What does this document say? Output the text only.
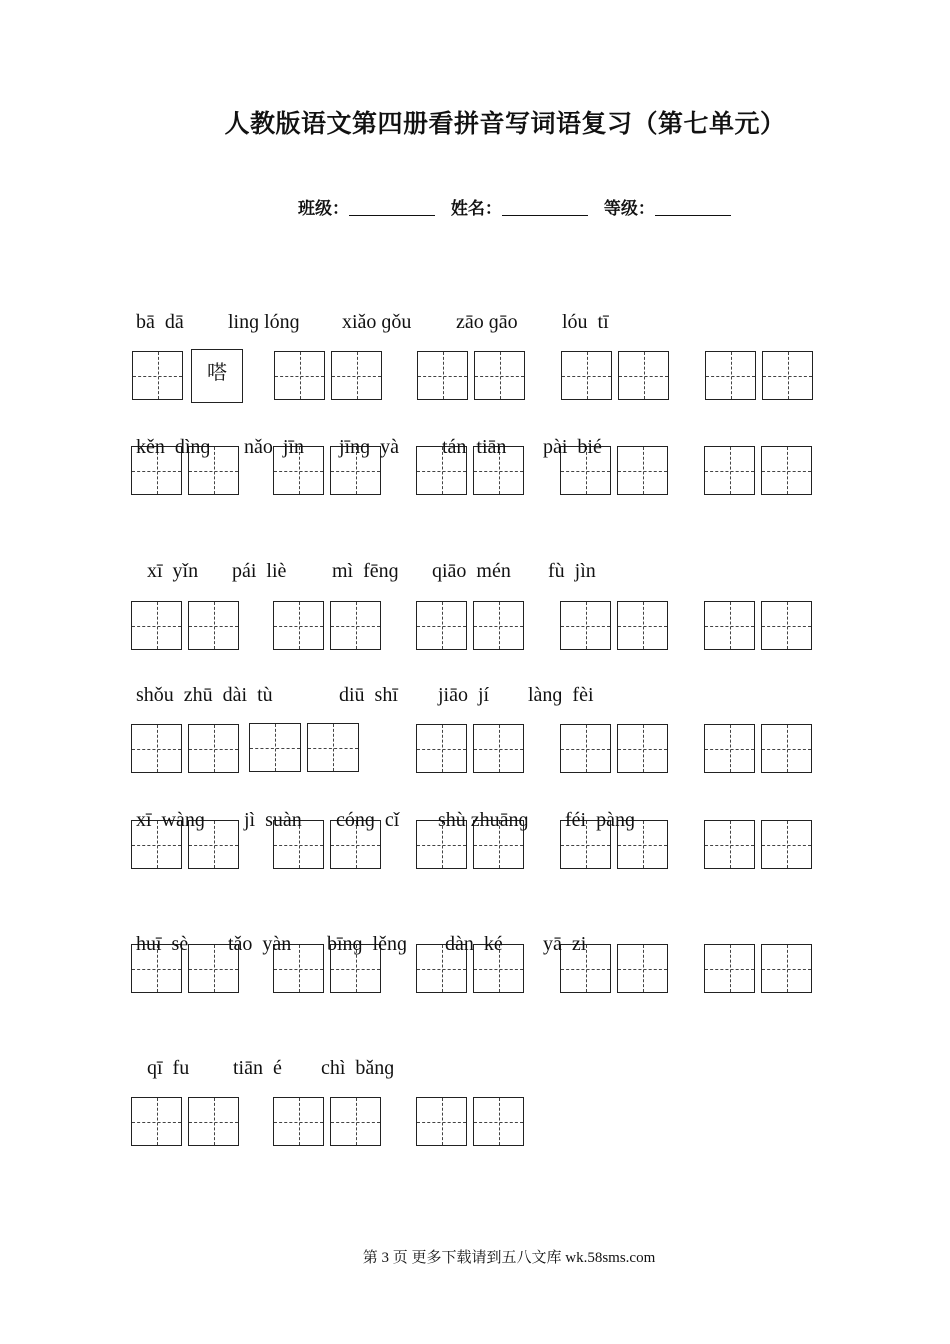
人教版语文第四册看拼音写词语复习（第七单元）
班级：	姓名：	等级：
bā  dā linɡ lónɡ xiǎo ɡǒu zāo ɡāo lóu  tī
嗒
kěn  dìnɡ nǎo  jīn jīnɡ  yà tán  tiān pài  bié
xī  yǐn pái  liè mì  fēnɡ qiāo  mén fù  jìn
shǒu  zhū  dài  tù	diū  shī jiāo  jí lànɡ  fèi
xī  wànɡ jì  suàn cónɡ  cǐ shù zhuānɡ féi  pànɡ
huī  sè tǎo  yàn bīnɡ  lěnɡ dàn  ké yā  zi
qī  fu tiān  é chì  bǎnɡ
第 3 页 更多下载请到五八文库 wk.58sms.com
